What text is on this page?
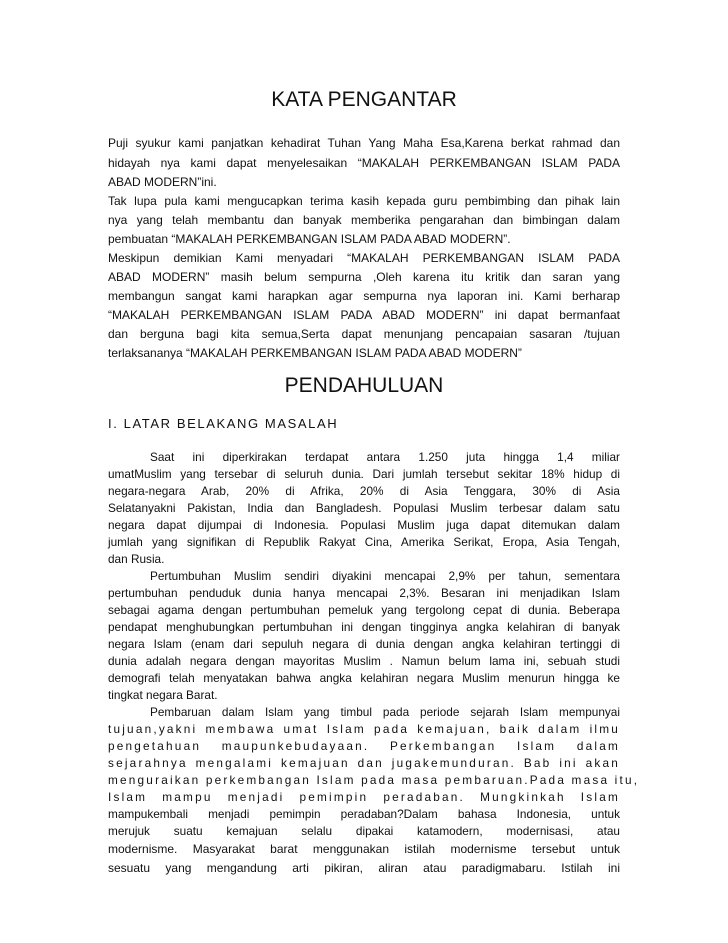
KATA PENGANTAR

Puji syukur kami panjatkan kehadirat Tuhan Yang Maha Esa,Karena berkat rahmad dan

hidayah nya kami dapat menyelesaikan “MAKALAH PERKEMBANGAN ISLAM PADA

ABAD MODERN”ini.

Tak lupa pula kami mengucapkan terima kasih kepada guru pembimbing dan pihak lain

nya yang telah membantu dan banyak memberika pengarahan dan bimbingan dalam

pembuatan “MAKALAH PERKEMBANGAN ISLAM PADA ABAD MODERN”.

Meskipun demikian Kami menyadari “MAKALAH PERKEMBANGAN ISLAM PADA

ABAD MODERN” masih belum sempurna ,Oleh karena itu kritik dan saran yang

membangun sangat kami harapkan agar sempurna nya laporan ini. Kami berharap

“MAKALAH PERKEMBANGAN ISLAM PADA ABAD MODERN” ini dapat bermanfaat

dan berguna bagi kita semua,Serta dapat menunjang pencapaian sasaran /tujuan

terlaksananya “MAKALAH PERKEMBANGAN ISLAM PADA ABAD MODERN”

PENDAHULUAN

I. LATAR BELAKANG MASALAH

Saat ini diperkirakan terdapat antara 1.250 juta hingga 1,4 miliar

umatMuslim yang tersebar di seluruh dunia. Dari jumlah tersebut sekitar 18% hidup di

negara-negara Arab, 20% di Afrika, 20% di Asia Tenggara, 30% di Asia

Selatanyakni Pakistan, India dan Bangladesh. Populasi Muslim terbesar dalam satu

negara dapat dijumpai di Indonesia. Populasi Muslim juga dapat ditemukan dalam

jumlah yang signifikan di Republik Rakyat Cina, Amerika Serikat, Eropa, Asia Tengah,

dan Rusia.

Pertumbuhan Muslim sendiri diyakini mencapai 2,9% per tahun, sementara

pertumbuhan penduduk dunia hanya mencapai 2,3%. Besaran ini menjadikan Islam

sebagai agama dengan pertumbuhan pemeluk yang tergolong cepat di dunia. Beberapa

pendapat menghubungkan pertumbuhan ini dengan tingginya angka kelahiran di banyak

negara Islam (enam dari sepuluh negara di dunia dengan angka kelahiran tertinggi di

dunia adalah negara dengan mayoritas Muslim . Namun belum lama ini, sebuah studi

demografi telah menyatakan bahwa angka kelahiran negara Muslim menurun hingga ke

tingkat negara Barat.

Pembaruan dalam Islam yang timbul pada periode sejarah Islam mempunyai

tujuan,yakni membawa umat Islam pada kemajuan, baik dalam ilmu

pengetahuan maupunkebudayaan. Perkembangan Islam dalam

sejarahnya mengalami kemajuan dan jugakemunduran. Bab ini akan

menguraikan perkembangan Islam pada masa pembaruan.Pada masa itu,

Islam mampu menjadi pemimpin peradaban. Mungkinkah Islam

mampukembali menjadi pemimpin peradaban?Dalam bahasa Indonesia, untuk

merujuk suatu kemajuan selalu dipakai katamodern, modernisasi, atau

modernisme. Masyarakat barat menggunakan istilah modernisme tersebut untuk

sesuatu yang mengandung arti pikiran, aliran atau paradigmabaru. Istilah ini
